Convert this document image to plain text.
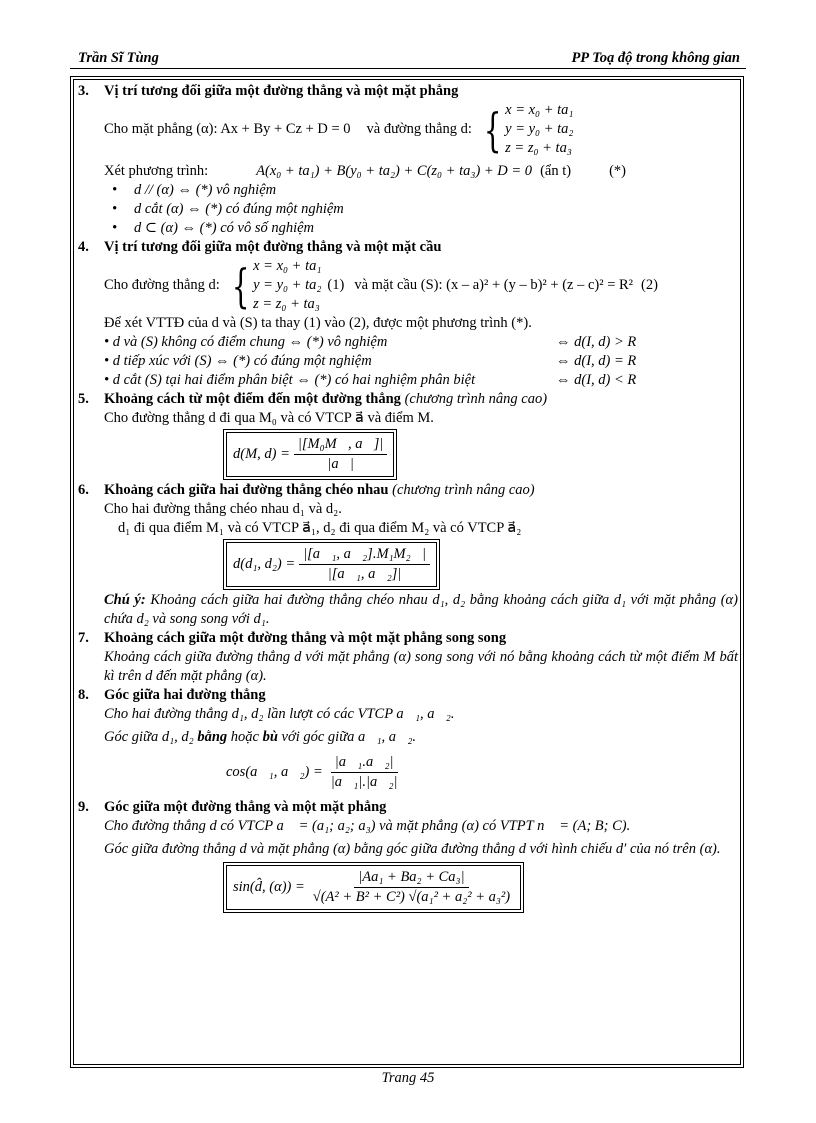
Trần Sĩ Tùng	PP Toạ độ trong không gian
3. Vị trí tương đối giữa một đường thẳng và một mặt phẳng
Cho mặt phẳng (α): Ax + By + Cz + D = 0 và đường thẳng d: { x = x₀ + ta₁
y = y₀ + ta₂
z = z₀ + ta₃
Xét phương trình:	A(x₀ + ta₁) + B(y₀ + ta₂) + C(z₀ + ta₃) + D = 0 (ẩn t)	(*)
• d // (α) ⇔ (*) vô nghiệm
• d cắt (α) ⇔ (*) có đúng một nghiệm
• d ⊂ (α) ⇔ (*) có vô số nghiệm
4. Vị trí tương đối giữa một đường thẳng và một mặt cầu
Cho đường thẳng d: { x = x₀ + ta₁
y = y₀ + ta₂
z = z₀ + ta₃
(1) và mặt cầu (S): (x – a)² + (y – b)² + (z – c)² = R² (2)
Để xét VTTĐ của d và (S) ta thay (1) vào (2), được một phương trình (*).
• d và (S) không có điểm chung ⇔ (*) vô nghiệm	⇔ d(I, d) > R
• d tiếp xúc với (S) ⇔ (*) có đúng một nghiệm	⇔ d(I, d) = R
• d cắt (S) tại hai điểm phân biệt ⇔ (*) có hai nghiệm phân biệt	⇔ d(I, d) < R
5. Khoảng cách từ một điểm đến một đường thẳng (chương trình nâng cao)
Cho đường thẳng d đi qua M₀ và có VTCP a⃗ và điểm M.
d(M, $d) = \frac{\text{|[M₀M⃗, a⃗]|}}{|a⃗|}$
6. Khoảng cách giữa hai đường thẳng chéo nhau (chương trình nâng cao)
Cho hai đường thẳng chéo nhau d₁ và d₂.
d₁ đi qua điểm M₁ và có VTCP a⃗₁, d₂ đi qua điểm M₂ và có VTCP a⃗₂
d(d₁, $d_2) = \frac{\text{|[a⃗₁, a⃗₂].M₁M₂⃗|}}{\text{|[a⃗₁, a⃗₂]|}}$
Chú ý: Khoảng cách giữa hai đường thẳng chéo nhau d₁, d₂ bằng khoảng cách giữa d₁ với mặt phẳng (α) chứa d₂ và song song với d₁.
7. Khoảng cách giữa một đường thẳng và một mặt phẳng song song
Khoảng cách giữa đường thẳng d với mặt phẳng (α) song song với nó bằng khoảng cách từ một điểm M bất kì trên d đến mặt phẳng (α).
8. Góc giữa hai đường thẳng
Cho hai đường thẳng d₁, d₂ lần lượt có các VTCP a⃗₁, a⃗₂.
Góc giữa d₁, d₂ bằng hoặc bù với góc giữa a⃗₁, a⃗₂.
cos(a⃗₁, a⃗₂) = $\frac{\text{|a⃗₁.a⃗₂|}}{\text{|a⃗₁|.|a⃗₂|}}$
9. Góc giữa một đường thẳng và một mặt phẳng
Cho đường thẳng d có VTCP a⃗ = (a₁; a₂; a₃) và mặt phẳng (α) có VTPT n⃗ = (A; B; C).
Góc giữa đường thẳng d và mặt phẳng (α) bằng góc giữa đường thẳng d với hình chiếu d′ của nó trên (α).
sin(d̂, $(\alpha)) = \frac{\text{|Aa₁ + Ba₂ + Ca₃|}}{\text{√(A² + B² + C²) √(a₁² + a₂² + a₃²)}}$
Trang 45
